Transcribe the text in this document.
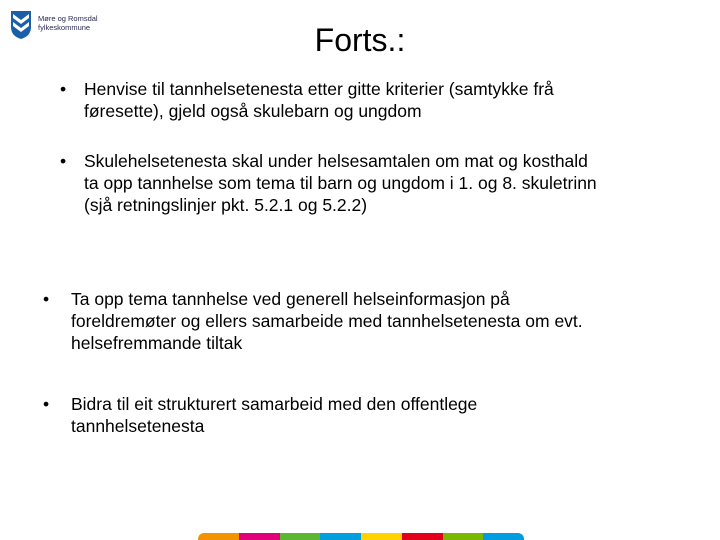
Møre og Romsdal
fylkeskommune	Forts.:
• Henvise til tannhelsetenesta etter gitte kriterier (samtykke frå
føresette), gjeld også skulebarn og ungdom
• Skulehelsetenesta skal under helsesamtalen om mat og kosthald
ta opp tannhelse som tema til barn og ungdom i 1. og 8. skuletrinn
(sjå retningslinjer pkt. 5.2.1 og 5.2.2)
• Ta opp tema tannhelse ved generell helseinformasjon på
foreldremøter og ellers samarbeide med tannhelsetenesta om evt.
helsefremmande tiltak
• Bidra til eit strukturert samarbeid med den offentlege
tannhelsetenesta
